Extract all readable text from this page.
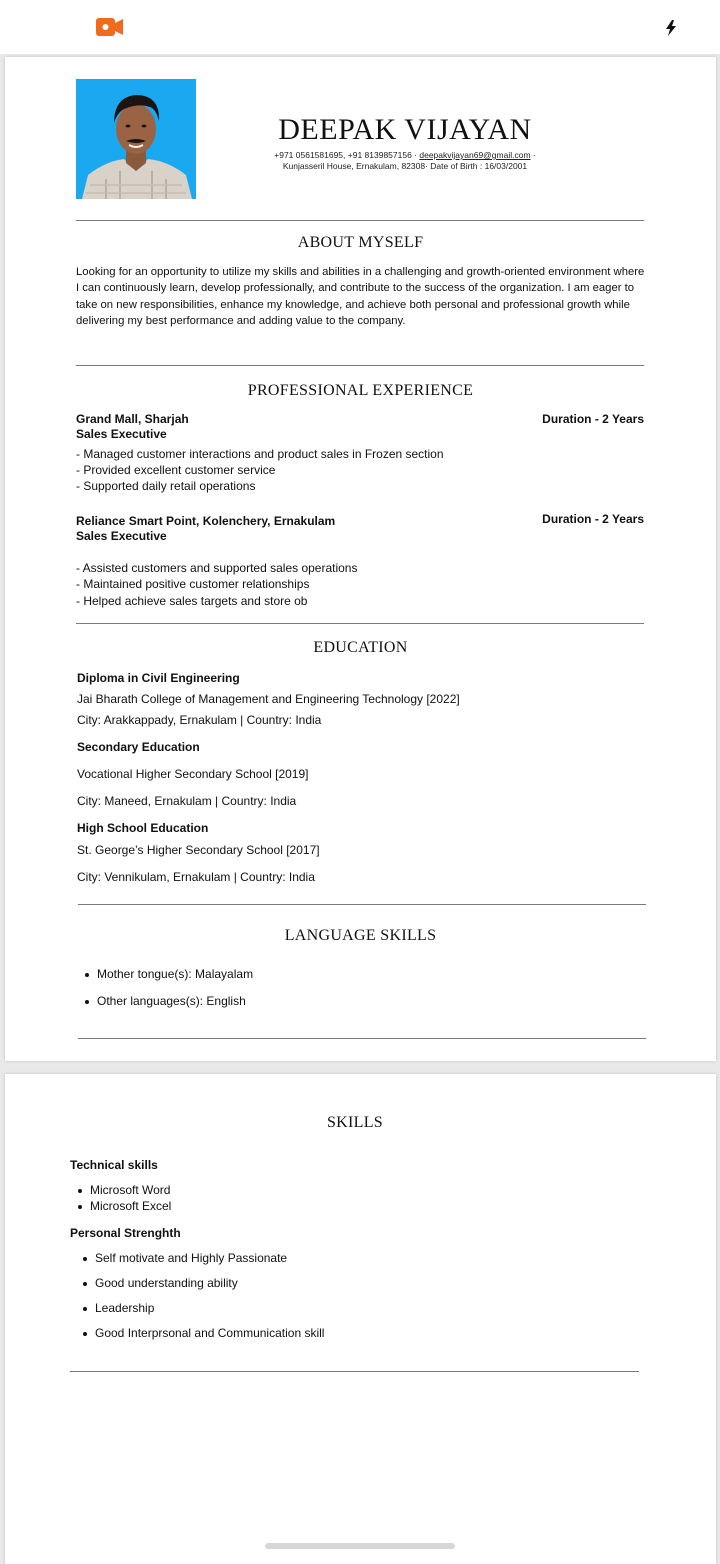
DEEPAK VIJAYAN
+971 0561581695, +91 8139857156 · deepakvijayan69@gmail.com ·
Kunjasseril House, Ernakulam, 82308· Date of Birth : 16/03/2001
ABOUT MYSELF
Looking for an opportunity to utilize my skills and abilities in a challenging and growth-oriented environment where I can continuously learn, develop professionally, and contribute to the success of the organization. I am eager to take on new responsibilities, enhance my knowledge, and achieve both personal and professional growth while delivering my best performance and adding value to the company.
PROFESSIONAL EXPERIENCE
Grand Mall, Sharjah	Duration - 2 Years
Sales Executive
- Managed customer interactions and product sales in Frozen section
- Provided excellent customer service
- Supported daily retail operations
Reliance Smart Point, Kolenchery, Ernakulam	Duration - 2 Years
Sales Executive
- Assisted customers and supported sales operations
- Maintained positive customer relationships
- Helped achieve sales targets and store ob
EDUCATION
Diploma in Civil Engineering
Jai Bharath College of Management and Engineering Technology [2022]
City: Arakkappady, Ernakulam | Country: India
Secondary Education
Vocational Higher Secondary School [2019]
City: Maneed, Ernakulam | Country: India
High School Education
St. George’s Higher Secondary School [2017]
City: Vennikulam, Ernakulam | Country: India
LANGUAGE SKILLS
Mother tongue(s): Malayalam
Other languages(s): English
SKILLS
Technical skills
Microsoft Word
Microsoft Excel
Personal Strenghth
Self motivate and Highly Passionate
Good understanding ability
Leadership
Good Interprsonal and Communication skill
